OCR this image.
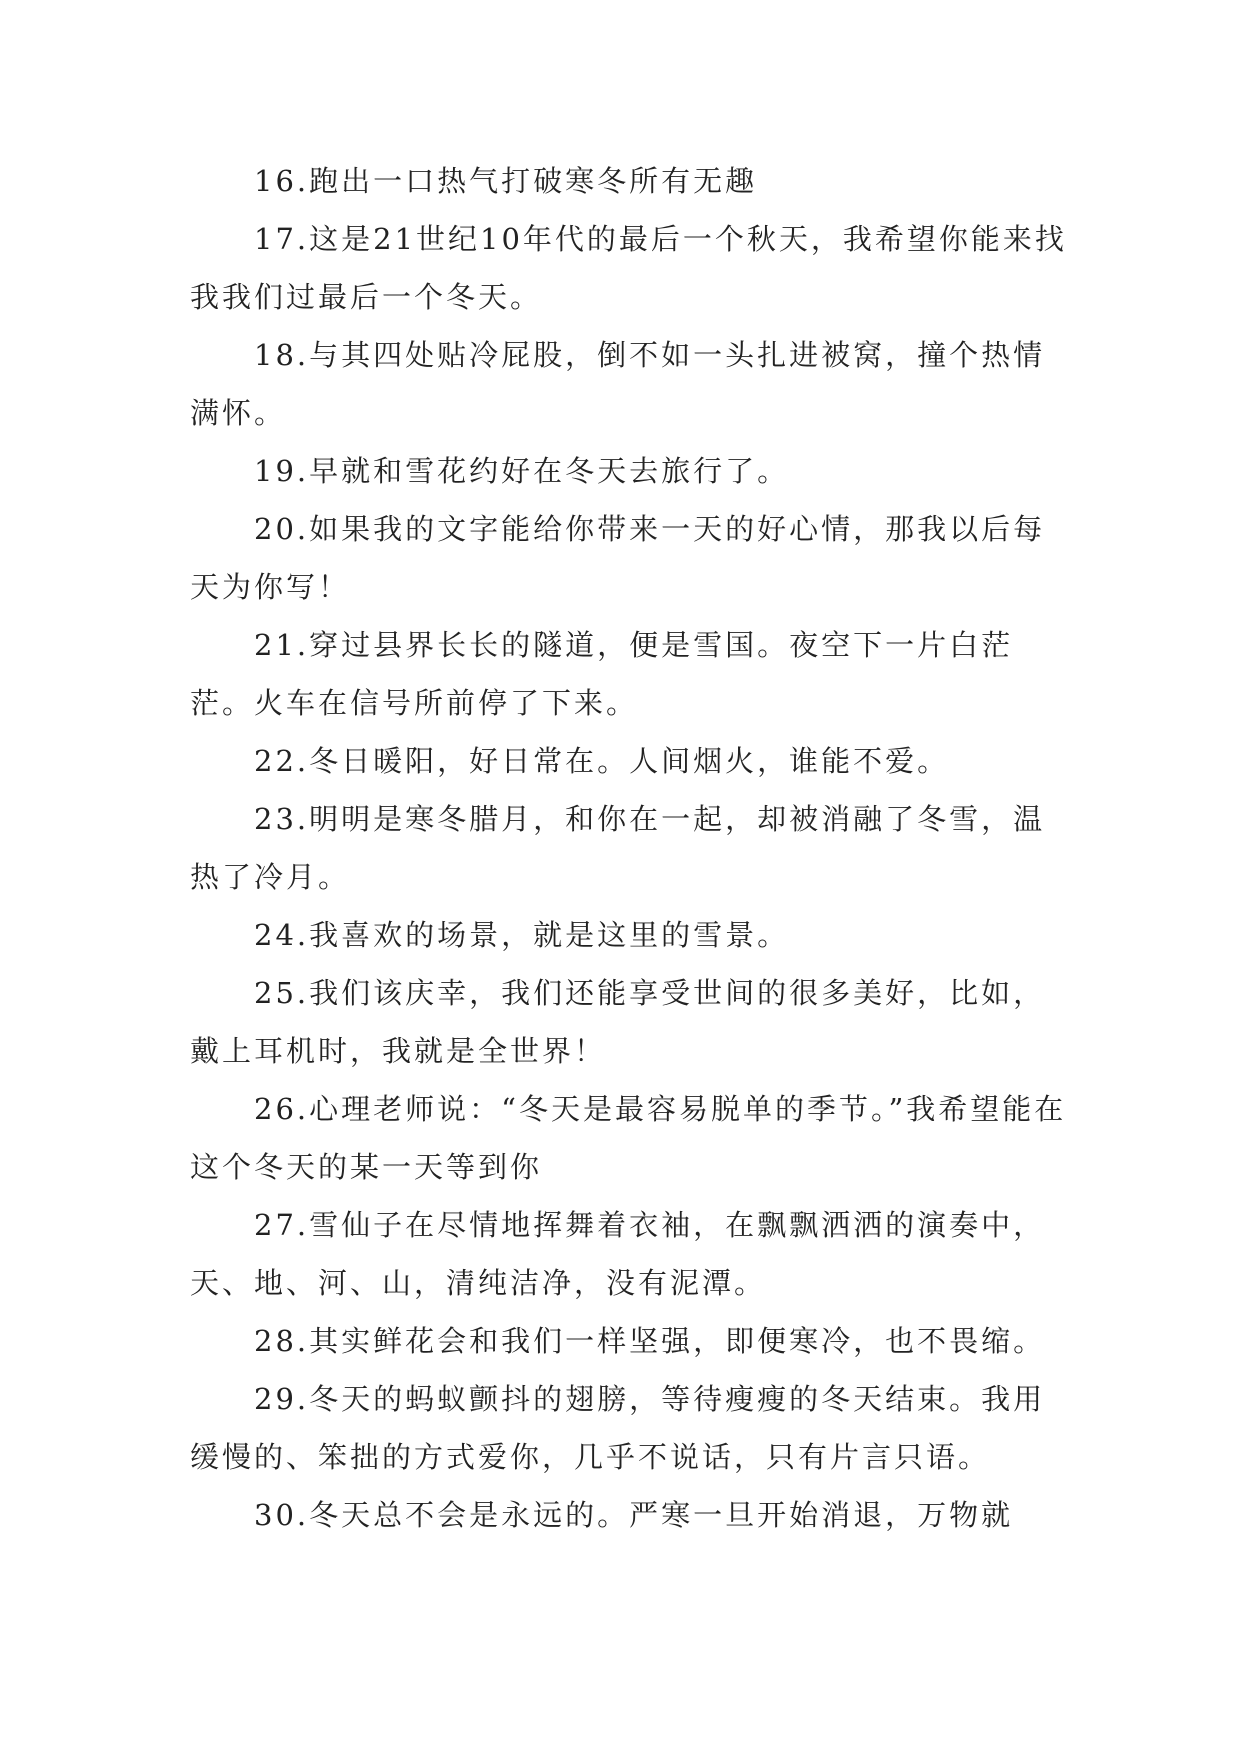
16.跑出一口热气打破寒冬所有无趣

17.这是21世纪10年代的最后一个秋天，我希望你能来找我我们过最后一个冬天。

18.与其四处贴冷屁股，倒不如一头扎进被窝，撞个热情满怀。

19.早就和雪花约好在冬天去旅行了。

20.如果我的文字能给你带来一天的好心情，那我以后每天为你写！

21.穿过县界长长的隧道，便是雪国。夜空下一片白茫茫。火车在信号所前停了下来。

22.冬日暖阳，好日常在。人间烟火，谁能不爱。

23.明明是寒冬腊月，和你在一起，却被消融了冬雪，温热了冷月。

24.我喜欢的场景，就是这里的雪景。

25.我们该庆幸，我们还能享受世间的很多美好，比如，戴上耳机时，我就是全世界！

26.心理老师说：“冬天是最容易脱单的季节。”我希望能在这个冬天的某一天等到你

27.雪仙子在尽情地挥舞着衣袖，在飘飘洒洒的演奏中，天、地、河、山，清纯洁净，没有泥潭。

28.其实鲜花会和我们一样坚强，即便寒冷，也不畏缩。

29.冬天的蚂蚁颤抖的翅膀，等待瘦瘦的冬天结束。我用缓慢的、笨拙的方式爱你，几乎不说话，只有片言只语。

30.冬天总不会是永远的。严寒一旦开始消退，万物就
